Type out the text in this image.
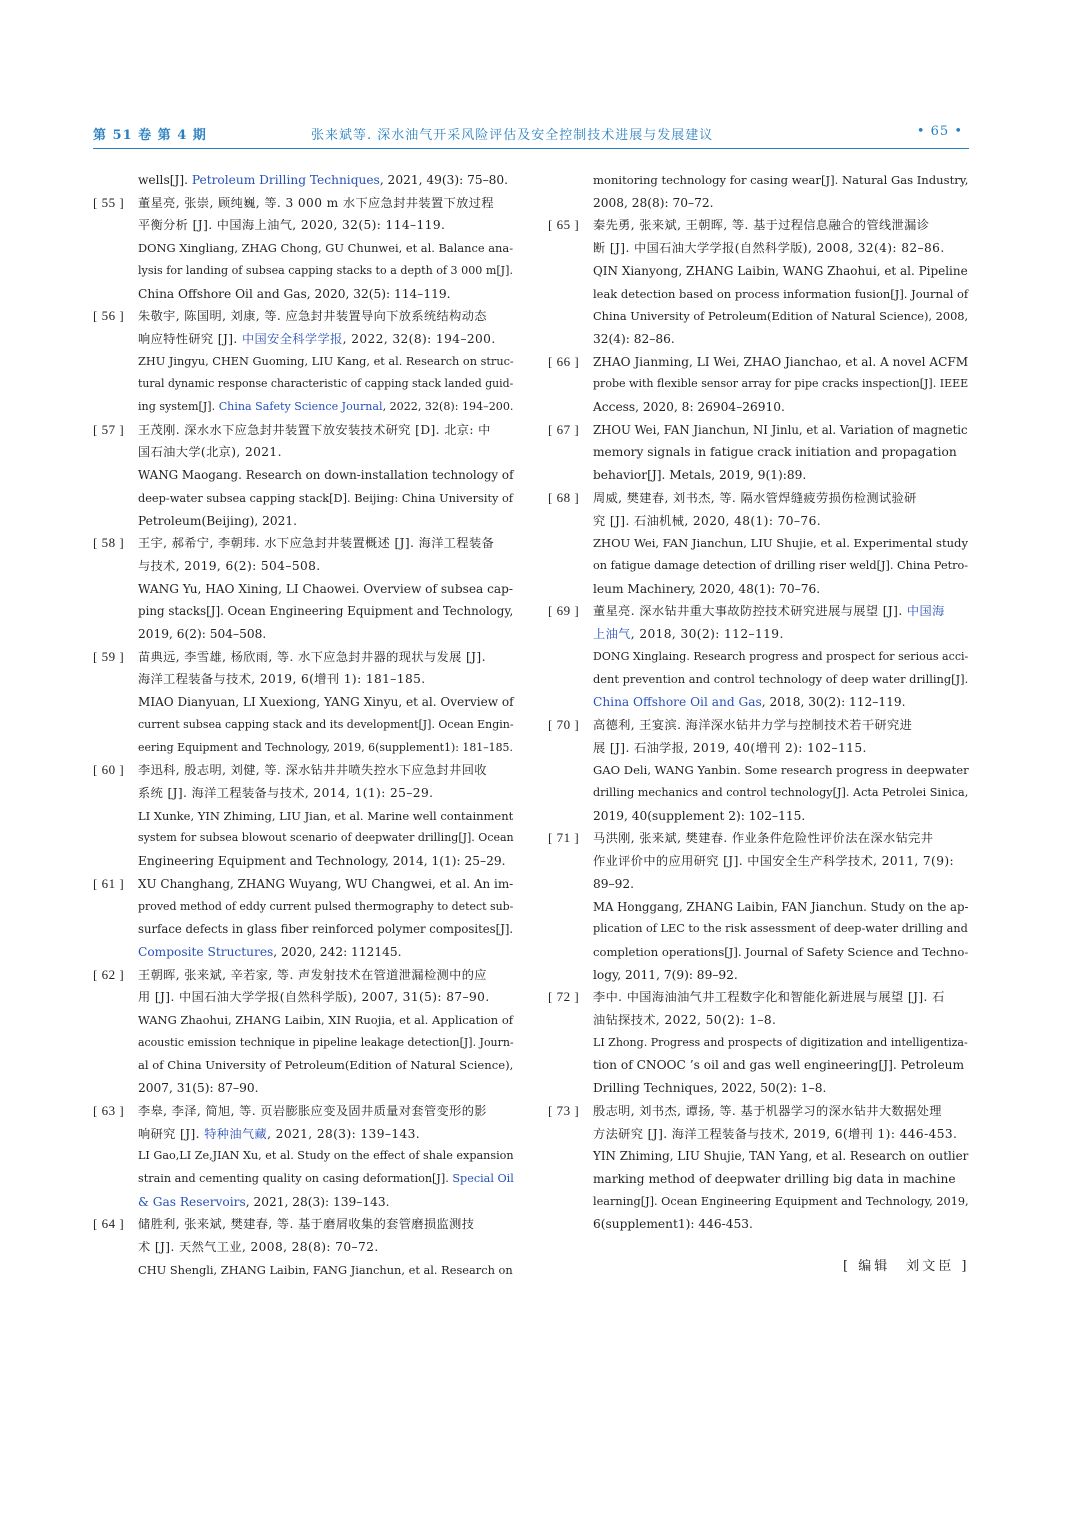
第 51 卷 第 4 期	张来斌等. 深水油气开采风险评估及安全控制技术进展与发展建议	• 65 •
wells[J]. Petroleum Drilling Techniques, 2021, 49(3): 75–80.
[ 55 ]	董星亮, 张崇, 顾纯巍, 等. 3 000 m 水下应急封井装置下放过程
平衡分析 [J]. 中国海上油气, 2020, 32(5): 114–119.
DONG Xingliang, ZHAG Chong, GU Chunwei, et al. Balance ana-
lysis for landing of subsea capping stacks to a depth of 3 000 m[J].
China Offshore Oil and Gas, 2020, 32(5): 114–119.
[ 56 ]	朱敬宇, 陈国明, 刘康, 等. 应急封井装置导向下放系统结构动态
响应特性研究 [J]. 中国安全科学学报, 2022, 32(8): 194–200.
ZHU Jingyu, CHEN Guoming, LIU Kang, et al. Research on struc-
tural dynamic response characteristic of capping stack landed guid-
ing system[J]. China Safety Science Journal, 2022, 32(8): 194–200.
[ 57 ]	王茂刚. 深水水下应急封井装置下放安装技术研究 [D]. 北京: 中
国石油大学(北京), 2021.
WANG Maogang. Research on down-installation technology of
deep-water subsea capping stack[D]. Beijing: China University of
Petroleum(Beijing), 2021.
[ 58 ]	王宇, 郝希宁, 李朝玮. 水下应急封井装置概述 [J]. 海洋工程装备
与技术, 2019, 6(2): 504–508.
WANG Yu, HAO Xining, LI Chaowei. Overview of subsea cap-
ping stacks[J]. Ocean Engineering Equipment and Technology,
2019, 6(2): 504–508.
[ 59 ]	苗典远, 李雪雄, 杨欣雨, 等. 水下应急封井器的现状与发展 [J].
海洋工程装备与技术, 2019, 6(增刊 1): 181–185.
MIAO Dianyuan, LI Xuexiong, YANG Xinyu, et al. Overview of
current subsea capping stack and its development[J]. Ocean Engin-
eering Equipment and Technology, 2019, 6(supplement1): 181–185.
[ 60 ]	李迅科, 殷志明, 刘健, 等. 深水钻井井喷失控水下应急封井回收
系统 [J]. 海洋工程装备与技术, 2014, 1(1): 25–29.
LI Xunke, YIN Zhiming, LIU Jian, et al. Marine well containment
system for subsea blowout scenario of deepwater drilling[J]. Ocean
Engineering Equipment and Technology, 2014, 1(1): 25–29.
[ 61 ]	XU Changhang, ZHANG Wuyang, WU Changwei, et al. An im-
proved method of eddy current pulsed thermography to detect sub-
surface defects in glass fiber reinforced polymer composites[J].
Composite Structures, 2020, 242: 112145.
[ 62 ]	王朝晖, 张来斌, 辛若家, 等. 声发射技术在管道泄漏检测中的应
用 [J]. 中国石油大学学报(自然科学版), 2007, 31(5): 87–90.
WANG Zhaohui, ZHANG Laibin, XIN Ruojia, et al. Application of
acoustic emission technique in pipeline leakage detection[J]. Journ-
al of China University of Petroleum(Edition of Natural Science),
2007, 31(5): 87–90.
[ 63 ]	李皋, 李泽, 简旭, 等. 页岩膨胀应变及固井质量对套管变形的影
响研究 [J]. 特种油气藏, 2021, 28(3): 139–143.
LI Gao,LI Ze,JIAN Xu, et al. Study on the effect of shale expansion
strain and cementing quality on casing deformation[J]. Special Oil
& Gas Reservoirs, 2021, 28(3): 139–143.
[ 64 ]	储胜利, 张来斌, 樊建春, 等. 基于磨屑收集的套管磨损监测技
术 [J]. 天然气工业, 2008, 28(8): 70–72.
CHU Shengli, ZHANG Laibin, FANG Jianchun, et al. Research on
monitoring technology for casing wear[J]. Natural Gas Industry,
2008, 28(8): 70–72.
[ 65 ]	秦先勇, 张来斌, 王朝晖, 等. 基于过程信息融合的管线泄漏诊
断 [J]. 中国石油大学学报(自然科学版), 2008, 32(4): 82–86.
QIN Xianyong, ZHANG Laibin, WANG Zhaohui, et al. Pipeline
leak detection based on process information fusion[J]. Journal of
China University of Petroleum(Edition of Natural Science), 2008,
32(4): 82–86.
[ 66 ]	ZHAO Jianming, LI Wei, ZHAO Jianchao, et al. A novel ACFM
probe with flexible sensor array for pipe cracks inspection[J]. IEEE
Access, 2020, 8: 26904–26910.
[ 67 ]	ZHOU Wei, FAN Jianchun, NI Jinlu, et al. Variation of magnetic
memory signals in fatigue crack initiation and propagation
behavior[J]. Metals, 2019, 9(1):89.
[ 68 ]	周威, 樊建春, 刘书杰, 等. 隔水管焊缝疲劳损伤检测试验研
究 [J]. 石油机械, 2020, 48(1): 70–76.
ZHOU Wei, FAN Jianchun, LIU Shujie, et al. Experimental study
on fatigue damage detection of drilling riser weld[J]. China Petro-
leum Machinery, 2020, 48(1): 70–76.
[ 69 ]	董星亮. 深水钻井重大事故防控技术研究进展与展望 [J]. 中国海
上油气, 2018, 30(2): 112–119.
DONG Xinglaing. Research progress and prospect for serious acci-
dent prevention and control technology of deep water drilling[J].
China Offshore Oil and Gas, 2018, 30(2): 112–119.
[ 70 ]	高德利, 王宴滨. 海洋深水钻井力学与控制技术若干研究进
展 [J]. 石油学报, 2019, 40(增刊 2): 102–115.
GAO Deli, WANG Yanbin. Some research progress in deepwater
drilling mechanics and control technology[J]. Acta Petrolei Sinica,
2019, 40(supplement 2): 102–115.
[ 71 ]	马洪刚, 张来斌, 樊建春. 作业条件危险性评价法在深水钻完井
作业评价中的应用研究 [J]. 中国安全生产科学技术, 2011, 7(9):
89–92.
MA Honggang, ZHANG Laibin, FAN Jianchun. Study on the ap-
plication of LEC to the risk assessment of deep-water drilling and
completion operations[J]. Journal of Safety Science and Techno-
logy, 2011, 7(9): 89–92.
[ 72 ]	李中. 中国海油油气井工程数字化和智能化新进展与展望 [J]. 石
油钻探技术, 2022, 50(2): 1–8.
LI Zhong. Progress and prospects of digitization and intelligentiza-
tion of CNOOC ’s oil and gas well engineering[J]. Petroleum
Drilling Techniques, 2022, 50(2): 1–8.
[ 73 ]	殷志明, 刘书杰, 谭扬, 等. 基于机器学习的深水钻井大数据处理
方法研究 [J]. 海洋工程装备与技术, 2019, 6(增刊 1): 446-453.
YIN Zhiming, LIU Shujie, TAN Yang, et al. Research on outlier
marking method of deepwater drilling big data in machine
learning[J]. Ocean Engineering Equipment and Technology, 2019,
6(supplement1): 446-453.
[ 编辑　刘文臣 ]
